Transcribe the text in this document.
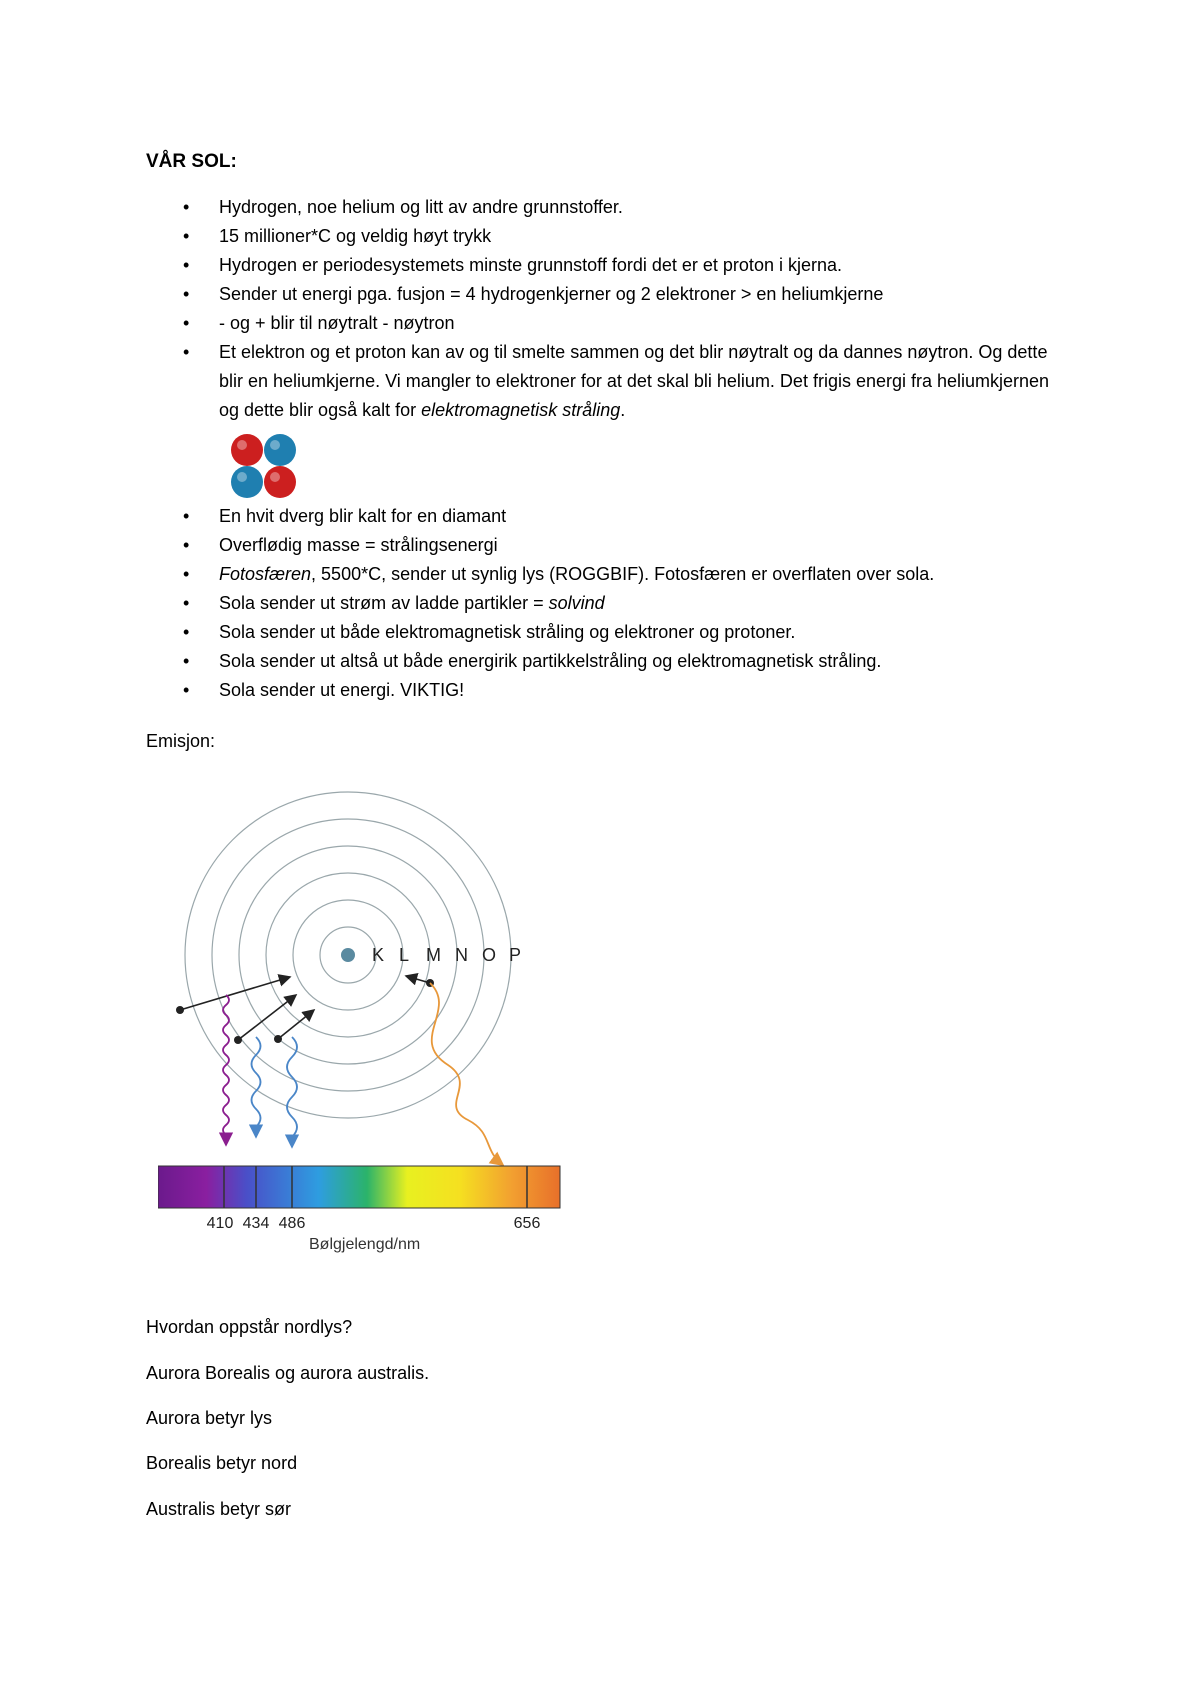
VÅR SOL:
• Hydrogen, noe helium og litt av andre grunnstoffer.
• 15 millioner*C og veldig høyt trykk
• Hydrogen er periodesystemets minste grunnstoff fordi det er et proton i kjerna.
• Sender ut energi pga. fusjon = 4 hydrogenkjerner og 2 elektroner > en heliumkjerne
• - og + blir til nøytralt - nøytron
• Et elektron og et proton kan av og til smelte sammen og det blir nøytralt og da dannes nøytron. Og dette blir en heliumkjerne. Vi mangler to elektroner for at det skal bli helium. Det frigis energi fra heliumkjernen og dette blir også kalt for elektromagnetisk stråling.
• En hvit dverg blir kalt for en diamant
• Overflødig masse = strålingsenergi
• Fotosfæren, 5500*C, sender ut synlig lys (ROGGBIF). Fotosfæren er overflaten over sola.
• Sola sender ut strøm av ladde partikler = solvind
• Sola sender ut både elektromagnetisk stråling og elektroner og protoner.
• Sola sender ut altså ut både energirik partikkelstråling og elektromagnetisk stråling.
• Sola sender ut energi. VIKTIG!
Emisjon:
K L M N O P
410 434 486	656
Bølgjelengd/nm
Hvordan oppstår nordlys?
Aurora Borealis og aurora australis.
Aurora betyr lys
Borealis betyr nord
Australis betyr sør
